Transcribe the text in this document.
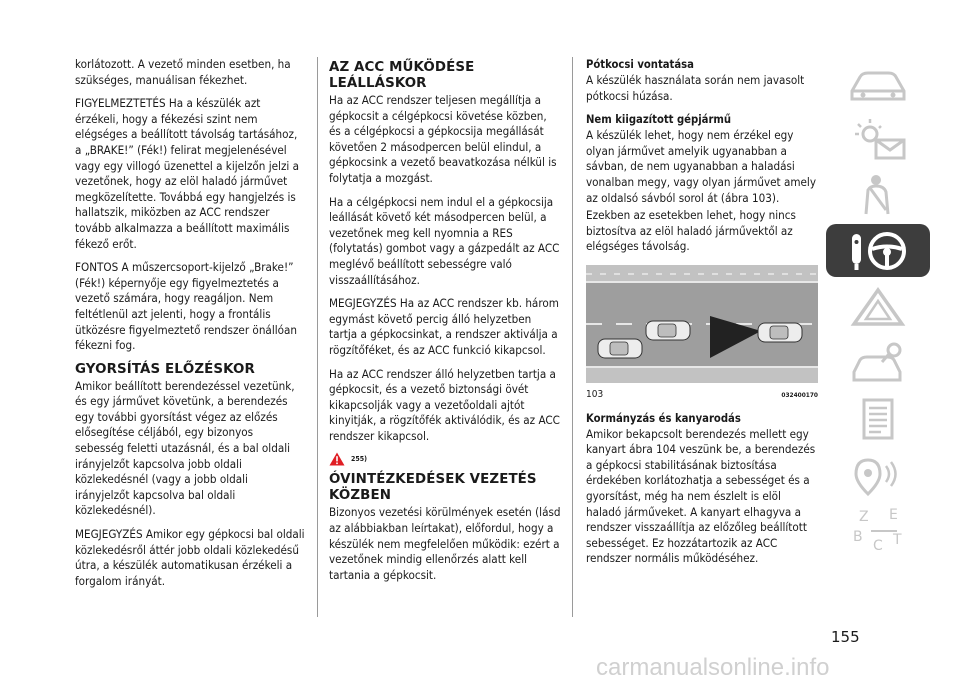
korlátozott. A vezető minden esetben, ha szükséges, manuálisan fékezhet.

FIGYELMEZTETÉS Ha a készülék azt érzékeli, hogy a fékezési szint nem elégséges a beállított távolság tartásához, a „BRAKE!” (Fék!) felirat megjelenésével vagy egy villogó üzenettel a kijelzőn jelzi a vezetőnek, hogy az elöl haladó járművet megközelítette. Továbbá egy hangjelzés is hallatszik, miközben az ACC rendszer tovább alkalmazza a beállított maximális fékező erőt.

FONTOS A műszercsoport-kijelző „Brake!” (Fék!) képernyője egy figyelmeztetés a vezető számára, hogy reagáljon. Nem feltétlenül azt jelenti, hogy a frontális ütközésre figyelmeztető rendszer önállóan fékezni fog.

GYORSÍTÁS ELŐZÉSKOR

Amikor beállított berendezéssel vezetünk, és egy járművet követünk, a berendezés egy további gyorsítást végez az előzés elősegítése céljából, egy bizonyos sebesség feletti utazásnál, és a bal oldali irányjelzőt kapcsolva jobb oldali közlekedésnél (vagy a jobb oldali irányjelzőt kapcsolva bal oldali közlekedésnél).

MEGJEGYZÉS Amikor egy gépkocsi bal oldali közlekedésről áttér jobb oldali közlekedésű útra, a készülék automatikusan érzékeli a forgalom irányát.

AZ ACC MŰKÖDÉSE LEÁLLÁSKOR

Ha az ACC rendszer teljesen megállítja a gépkocsit a célgépkocsi követése közben, és a célgépkocsi a gépkocsija megállását követően 2 másodpercen belül elindul, a gépkocsink a vezető beavatkozása nélkül is folytatja a mozgást.

Ha a célgépkocsi nem indul el a gépkocsija leállását követő két másodpercen belül, a vezetőnek meg kell nyomnia a RES (folytatás) gombot vagy a gázpedált az ACC meglévő beállított sebességre való visszaállításához.

MEGJEGYZÉS Ha az ACC rendszer kb. három egymást követő percig álló helyzetben tartja a gépkocsinkat, a rendszer aktiválja a rögzítőféket, és az ACC funkció kikapcsol.

Ha az ACC rendszer álló helyzetben tartja a gépkocsit, és a vezető biztonsági övét kikapcsolják vagy a vezetőoldali ajtót kinyitják, a rögzítőfék aktiválódik, és az ACC rendszer kikapcsol.

255)
ÓVINTÉZKEDÉSEK VEZETÉS KÖZBEN

Bizonyos vezetési körülmények esetén (lásd az alábbiakban leírtakat), előfordul, hogy a készülék nem megfelelően működik: ezért a vezetőnek mindig ellenőrzés alatt kell tartania a gépkocsit.

Pótkocsi vontatása

A készülék használata során nem javasolt pótkocsi húzása.

Nem kiigazított gépjármű

A készülék lehet, hogy nem érzékel egy olyan járművet amelyik ugyanabban a sávban, de nem ugyanabban a haladási vonalban megy, vagy olyan járművet amely az oldalsó sávból sorol át (ábra 103).

Ezekben az esetekben lehet, hogy nincs biztosítva az elöl haladó járművektől az elégséges távolság.

103	032400170
Kormányzás és kanyarodás

Amikor bekapcsolt berendezés mellett egy kanyart ábra 104 veszünk be, a berendezés a gépkocsi stabilitásának biztosítása érdekében korlátozhatja a sebességet és a gyorsítást, még ha nem észlelt is elöl haladó járműveket. A kanyart elhagyva a rendszer visszaállítja az előzőleg beállított sebességet. Ez hozzátartozik az ACC rendszer normális működéséhez.

Z E
B
C T
155
carmanualsonline.info
